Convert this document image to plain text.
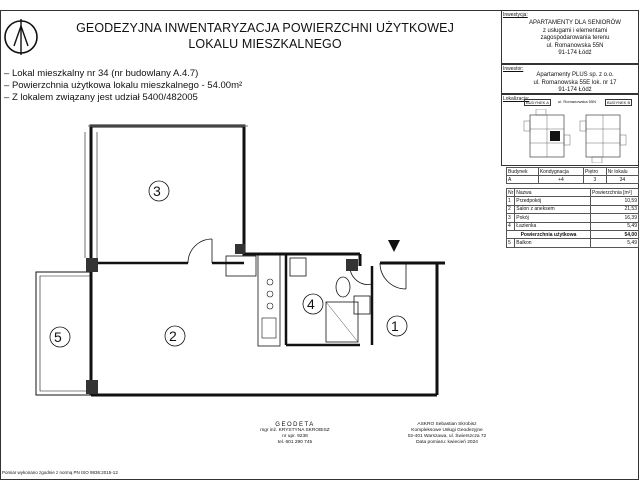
GEODEZYJNA INWENTARYZACJA POWIERZCHNI UŻYTKOWEJ
LOKALU MIESZKALNEGO
– Lokal mieszkalny nr 34 (nr budowlany A.4.7)
– Powierzchnia użytkowa lokalu mieszkalnego - 54.00m²
– Z lokalem związany jest udział 5400/482005
Inwestycja:
APARTAMENTY DLA SENIORÓW
z usługami i elementami
zagospodarowania terenu
ul. Romanowska 55N
91-174 Łódź
Inwestor:
Apartamenty PLUS sp. z o.o.
ul. Romanowska 55E lok. nr 17
91-174 Łódź
Lokalizacja:
BUDYNEK A	ul. Romanowska 55N	BUDYNEK B
Budynek	Kondygnacja	Piętro	Nr lokalu
A	+4	3	34
Nr	Nazwa	Powierzchnia [m²]
1	Przedpokój	10,59
2	Salon z aneksem	21,53
3	Pokój	16,39
4	Łazienka	5,49
Powierzchnia użytkowa		54,00
5	Balkon	5,49
3
2
5
4
1
GEODETA
mgr inż. KRYSTYNA SKROBISZ
nr upr. 9238
tel. 601 290 745
ASKRO Sebastian Skrobisz
Kompleksowe Usługi Geodezyjne
02-401 Warszawa, ul. Świerszcza 72
Data pomiaru: kwiecień 2024
Pomiar wykonano zgodnie z normą PN ISO 9836:2015-12
